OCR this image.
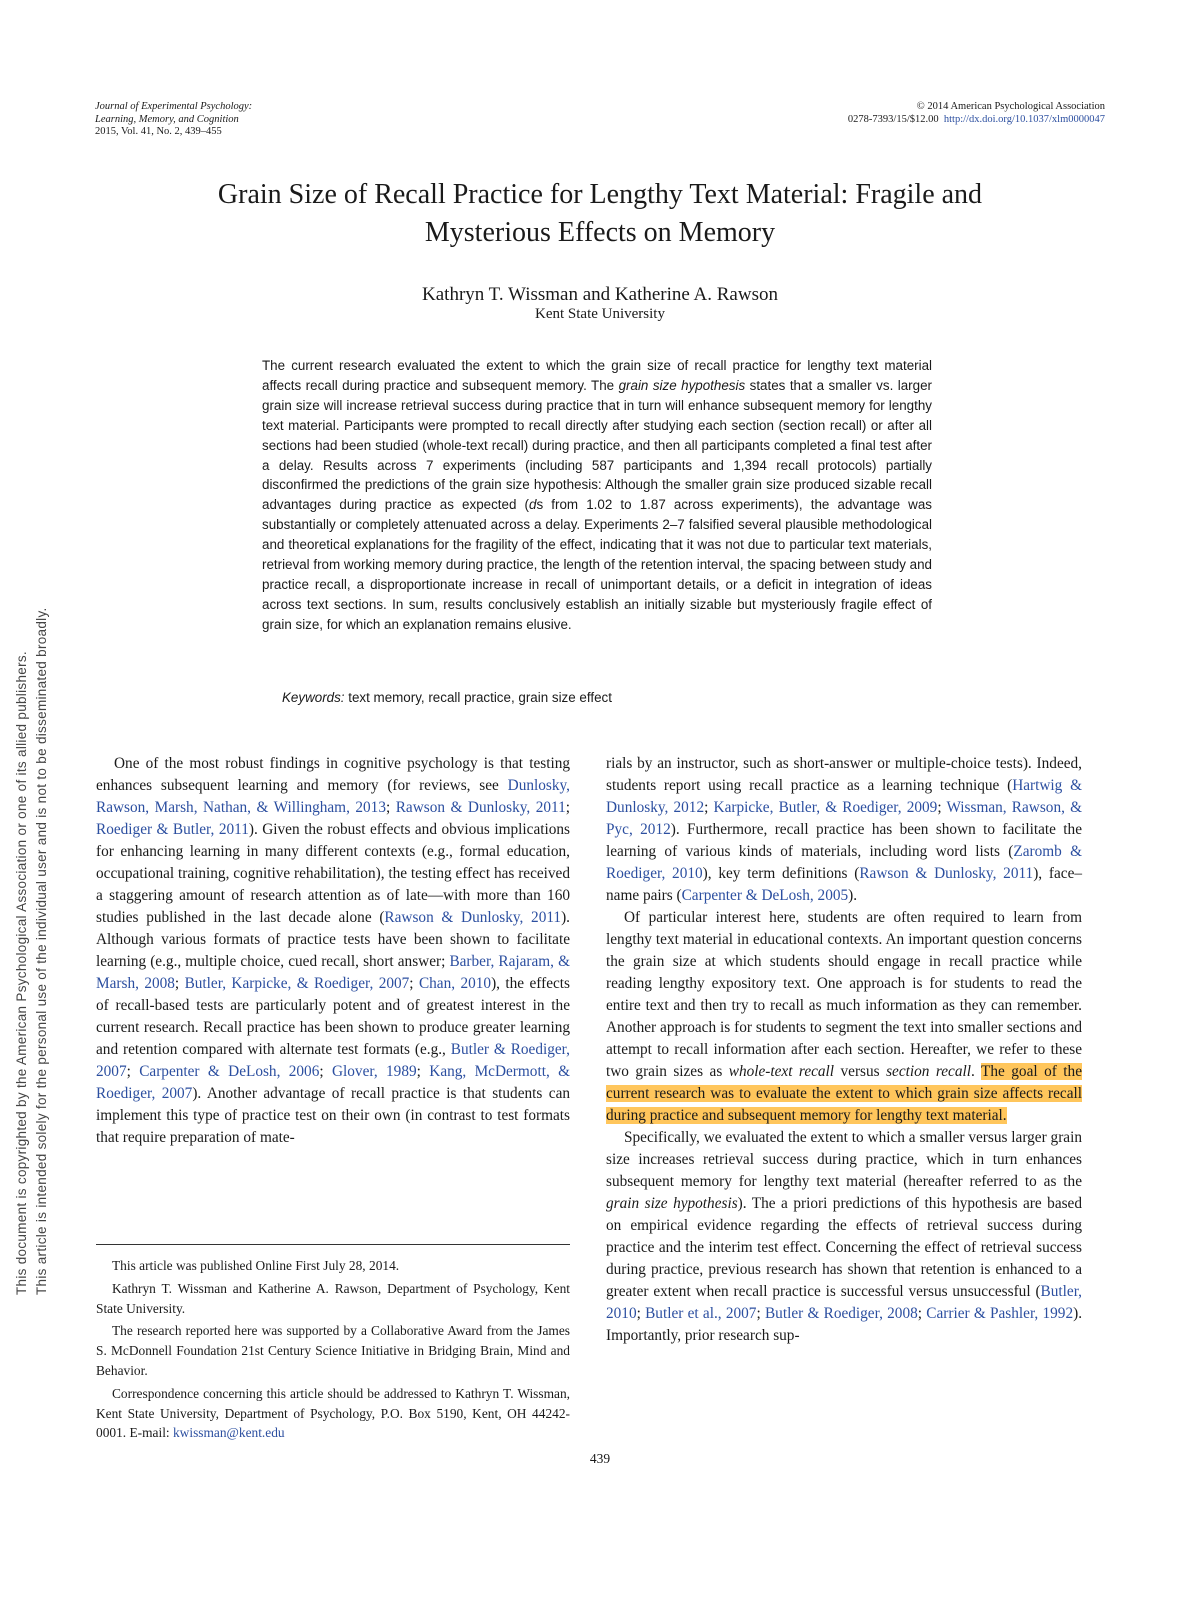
Journal of Experimental Psychology:
Learning, Memory, and Cognition
2015, Vol. 41, No. 2, 439–455
© 2014 American Psychological Association
0278-7393/15/$12.00 http://dx.doi.org/10.1037/xlm0000047
Grain Size of Recall Practice for Lengthy Text Material: Fragile and
Mysterious Effects on Memory
Kathryn T. Wissman and Katherine A. Rawson
Kent State University

The current research evaluated the extent to which the grain size of recall practice for lengthy text material affects recall during practice and subsequent memory. The grain size hypothesis states that a smaller vs. larger grain size will increase retrieval success during practice that in turn will enhance subsequent memory for lengthy text material. Participants were prompted to recall directly after studying each section (section recall) or after all sections had been studied (whole-text recall) during practice, and then all participants completed a final test after a delay. Results across 7 experiments (including 587 participants and 1,394 recall protocols) partially disconfirmed the predictions of the grain size hypothesis: Although the smaller grain size produced sizable recall advantages during practice as expected (ds from 1.02 to 1.87 across experiments), the advantage was substantially or completely attenuated across a delay. Experiments 2–7 falsified several plausible methodological and theoretical explanations for the fragility of the effect, indicating that it was not due to particular text materials, retrieval from working memory during practice, the length of the retention interval, the spacing between study and practice recall, a disproportionate increase in recall of unimportant details, or a deficit in integration of ideas across text sections. In sum, results conclusively establish an initially sizable but mysteriously fragile effect of grain size, for which an explanation remains elusive.

Keywords: text memory, recall practice, grain size effect
This document is copyrighted by the American Psychological Association or one of its allied publishers. This article is intended solely for the personal use of the individual user and is not to be disseminated broadly.	One of the most robust findings in cognitive psychology is that testing enhances subsequent learning and memory (for reviews, see Dunlosky, Rawson, Marsh, Nathan, & Willingham, 2013; Rawson & Dunlosky, 2011; Roediger & Butler, 2011). Given the robust effects and obvious implications for enhancing learning in many different contexts (e.g., formal education, occupational training, cognitive rehabilitation), the testing effect has received a staggering amount of research attention as of late—with more than 160 studies published in the last decade alone (Rawson & Dunlosky, 2011). Although various formats of practice tests have been shown to facilitate learning (e.g., multiple choice, cued recall, short answer; Barber, Rajaram, & Marsh, 2008; Butler, Karpicke, & Roediger, 2007; Chan, 2010), the effects of recall-based tests are particularly potent and of greatest interest in the current research. Recall practice has been shown to produce greater learning and retention compared with alternate test formats (e.g., Butler & Roediger, 2007; Carpenter & DeLosh, 2006; Glover, 1989; Kang, McDermott, & Roediger, 2007). Another advantage of recall practice is that students can implement this type of practice test on their own (in contrast to test formats that require preparation of mate-

This article was published Online First July 28, 2014.

Kathryn T. Wissman and Katherine A. Rawson, Department of Psychology, Kent State University.

The research reported here was supported by a Collaborative Award from the James S. McDonnell Foundation 21st Century Science Initiative in Bridging Brain, Mind and Behavior.

Correspondence concerning this article should be addressed to Kathryn T. Wissman, Kent State University, Department of Psychology, P.O. Box 5190, Kent, OH 44242-0001. E-mail: kwissman@kent.edu

rials by an instructor, such as short-answer or multiple-choice tests). Indeed, students report using recall practice as a learning technique (Hartwig & Dunlosky, 2012; Karpicke, Butler, & Roediger, 2009; Wissman, Rawson, & Pyc, 2012). Furthermore, recall practice has been shown to facilitate the learning of various kinds of materials, including word lists (Zaromb & Roediger, 2010), key term definitions (Rawson & Dunlosky, 2011), face–name pairs (Carpenter & DeLosh, 2005).

Of particular interest here, students are often required to learn from lengthy text material in educational contexts. An important question concerns the grain size at which students should engage in recall practice while reading lengthy expository text. One approach is for students to read the entire text and then try to recall as much information as they can remember. Another approach is for students to segment the text into smaller sections and attempt to recall information after each section. Hereafter, we refer to these two grain sizes as whole-text recall versus section recall. The goal of the current research was to evaluate the extent to which grain size affects recall during practice and subsequent memory for lengthy text material.

Specifically, we evaluated the extent to which a smaller versus larger grain size increases retrieval success during practice, which in turn enhances subsequent memory for lengthy text material (hereafter referred to as the grain size hypothesis). The a priori predictions of this hypothesis are based on empirical evidence regarding the effects of retrieval success during practice and the interim test effect. Concerning the effect of retrieval success during practice, previous research has shown that retention is enhanced to a greater extent when recall practice is successful versus unsuccessful (Butler, 2010; Butler et al., 2007; Butler & Roediger, 2008; Carrier & Pashler, 1992). Importantly, prior research sup-

439
